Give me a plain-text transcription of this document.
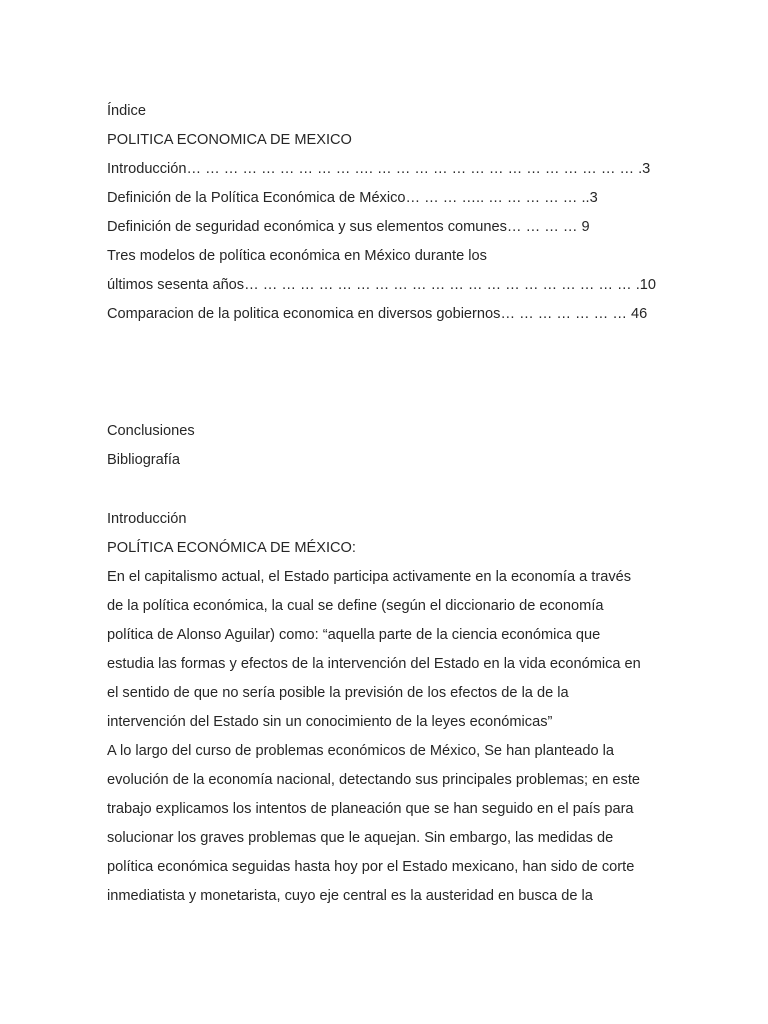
Índice
POLITICA ECONOMICA DE MEXICO
Introducción… … … … … … … … … …. … … … … … … … … … … … … … … .3
Definición de la Política Económica de México… … … ….. … … … … … ..3
Definición de seguridad económica y sus elementos comunes… … … … 9
Tres modelos de política económica en México durante los
últimos sesenta años… … … … … … … … … … … … … … … … … … … … … .10
Comparacion de la politica economica en diversos gobiernos… … … … … … … 46
Conclusiones
Bibliografía
Introducción
POLÍTICA ECONÓMICA DE MÉXICO:
En el capitalismo actual, el Estado participa activamente en la economía a través
de la política económica, la cual se define (según el diccionario de economía
política de Alonso Aguilar) como: “aquella parte de la ciencia económica que
estudia las formas y efectos de la intervención del Estado en la vida económica en
el sentido de que no sería posible la previsión de los efectos de la de la
intervención del Estado sin un conocimiento de la leyes económicas”
A lo largo del curso de problemas económicos de México, Se han planteado la
evolución de la economía nacional, detectando sus principales problemas; en este
trabajo explicamos los intentos de planeación que se han seguido en el país para
solucionar los graves problemas que le aquejan. Sin embargo, las medidas de
política económica seguidas hasta hoy por el Estado mexicano, han sido de corte
inmediatista y monetarista, cuyo eje central es la austeridad en busca de la
